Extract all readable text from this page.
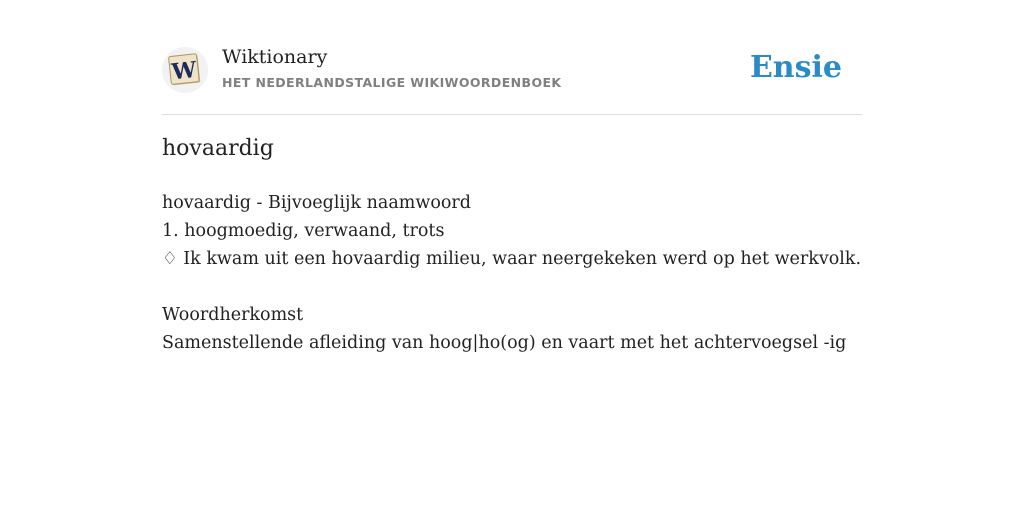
W Wiktionary
HET NEDERLANDSTALIGE WIKIWOORDENBOEK	Ensie
hovaardig
hovaardig - Bijvoeglijk naamwoord
1. hoogmoedig, verwaand, trots
♢ Ik kwam uit een hovaardig milieu, waar neergekeken werd op het werkvolk.
Woordherkomst
Samenstellende afleiding van hoog|ho(og) en vaart met het achtervoegsel -ig
